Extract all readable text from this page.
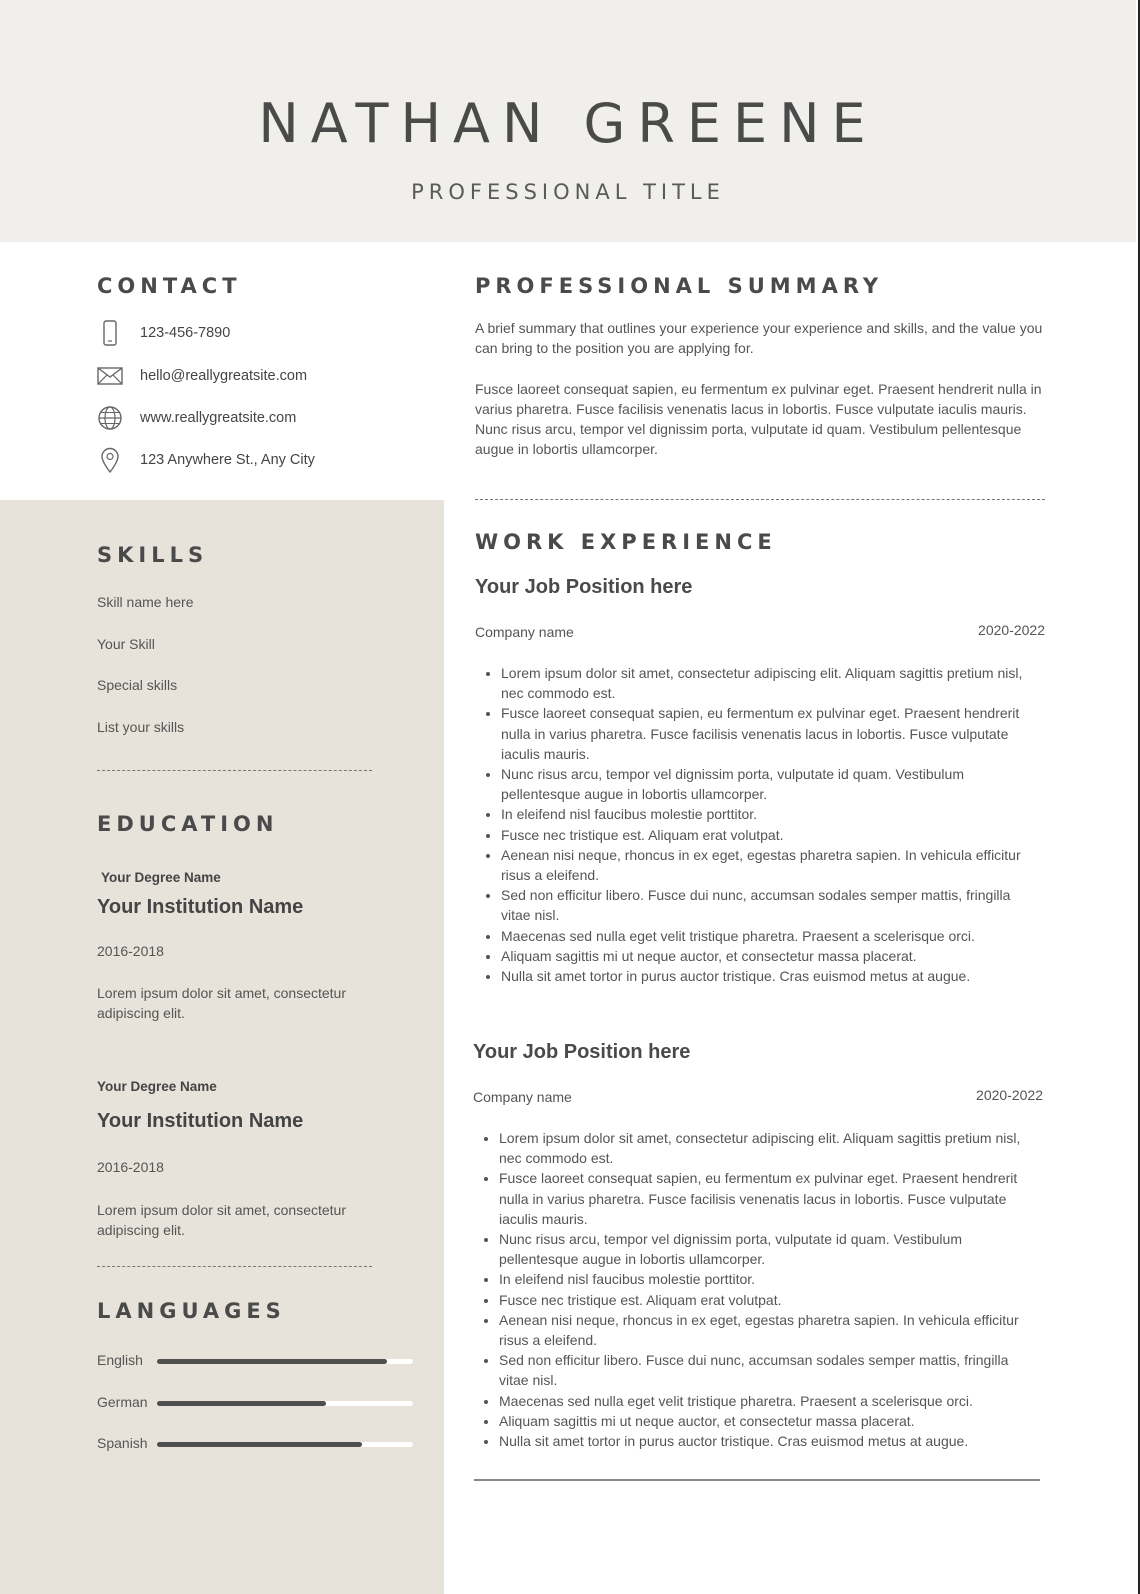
NATHAN GREENE
PROFESSIONAL TITLE
CONTACT
123-456-7890
hello@reallygreatsite.com
www.reallygreatsite.com
123 Anywhere St., Any City
SKILLS
Skill name here
Your Skill
Special skills
List your skills
EDUCATION
Your Degree Name
Your Institution Name
2016-2018
Lorem ipsum dolor sit amet, consectetur adipiscing elit.
Your Degree Name
Your Institution Name
2016-2018
Lorem ipsum dolor sit amet, consectetur adipiscing elit.
LANGUAGES
English
German
Spanish
PROFESSIONAL SUMMARY

A brief summary that outlines your experience your experience and skills, and the value you can bring to the position you are applying for.

Fusce laoreet consequat sapien, eu fermentum ex pulvinar eget. Praesent hendrerit nulla in varius pharetra. Fusce facilisis venenatis lacus in lobortis. Fusce vulputate iaculis mauris. Nunc risus arcu, tempor vel dignissim porta, vulputate id quam. Vestibulum pellentesque augue in lobortis ullamcorper.

WORK EXPERIENCE
Your Job Position here
Company name	2020-2022
• Lorem ipsum dolor sit amet, consectetur adipiscing elit. Aliquam sagittis pretium nisl, nec commodo est.
• Fusce laoreet consequat sapien, eu fermentum ex pulvinar eget. Praesent hendrerit nulla in varius pharetra. Fusce facilisis venenatis lacus in lobortis. Fusce vulputate iaculis mauris.
• Nunc risus arcu, tempor vel dignissim porta, vulputate id quam. Vestibulum pellentesque augue in lobortis ullamcorper.
• In eleifend nisl faucibus molestie porttitor.
• Fusce nec tristique est. Aliquam erat volutpat.
• Aenean nisi neque, rhoncus in ex eget, egestas pharetra sapien. In vehicula efficitur risus a eleifend.
• Sed non efficitur libero. Fusce dui nunc, accumsan sodales semper mattis, fringilla vitae nisl.
• Maecenas sed nulla eget velit tristique pharetra. Praesent a scelerisque orci.
• Aliquam sagittis mi ut neque auctor, et consectetur massa placerat.
• Nulla sit amet tortor in purus auctor tristique. Cras euismod metus at augue.
Your Job Position here
Company name	2020-2022
• Lorem ipsum dolor sit amet, consectetur adipiscing elit. Aliquam sagittis pretium nisl, nec commodo est.
• Fusce laoreet consequat sapien, eu fermentum ex pulvinar eget. Praesent hendrerit nulla in varius pharetra. Fusce facilisis venenatis lacus in lobortis. Fusce vulputate iaculis mauris.
• Nunc risus arcu, tempor vel dignissim porta, vulputate id quam. Vestibulum pellentesque augue in lobortis ullamcorper.
• In eleifend nisl faucibus molestie porttitor.
• Fusce nec tristique est. Aliquam erat volutpat.
• Aenean nisi neque, rhoncus in ex eget, egestas pharetra sapien. In vehicula efficitur risus a eleifend.
• Sed non efficitur libero. Fusce dui nunc, accumsan sodales semper mattis, fringilla vitae nisl.
• Maecenas sed nulla eget velit tristique pharetra. Praesent a scelerisque orci.
• Aliquam sagittis mi ut neque auctor, et consectetur massa placerat.
• Nulla sit amet tortor in purus auctor tristique. Cras euismod metus at augue.
